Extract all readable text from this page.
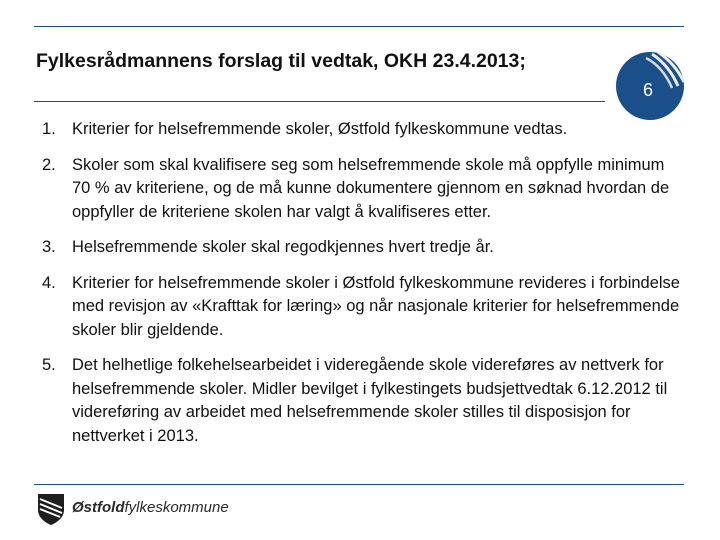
Fylkesrådmannens forslag til vedtak, OKH 23.4.2013;
6
1. Kriterier for helsefremmende skoler, Østfold fylkeskommune vedtas.
2. Skoler som skal kvalifisere seg som helsefremmende skole må oppfylle minimum 70 % av kriteriene, og de må kunne dokumentere gjennom en søknad hvordan de oppfyller de kriteriene skolen har valgt å kvalifiseres etter.
3. Helsefremmende skoler skal regodkjennes hvert tredje år.
4. Kriterier for helsefremmende skoler i Østfold fylkeskommune revideres i forbindelse med revisjon av «Krafttak for læring» og når nasjonale kriterier for helsefremmende skoler blir gjeldende.
5. Det helhetlige folkehelsearbeidet i videregående skole videreføres av nettverk for helsefremmende skoler. Midler bevilget i fylkestingets budsjettvedtak 6.12.2012 til videreføring av arbeidet med helsefremmende skoler stilles til disposisjon for nettverket i 2013.
Østfoldfylkeskommune
